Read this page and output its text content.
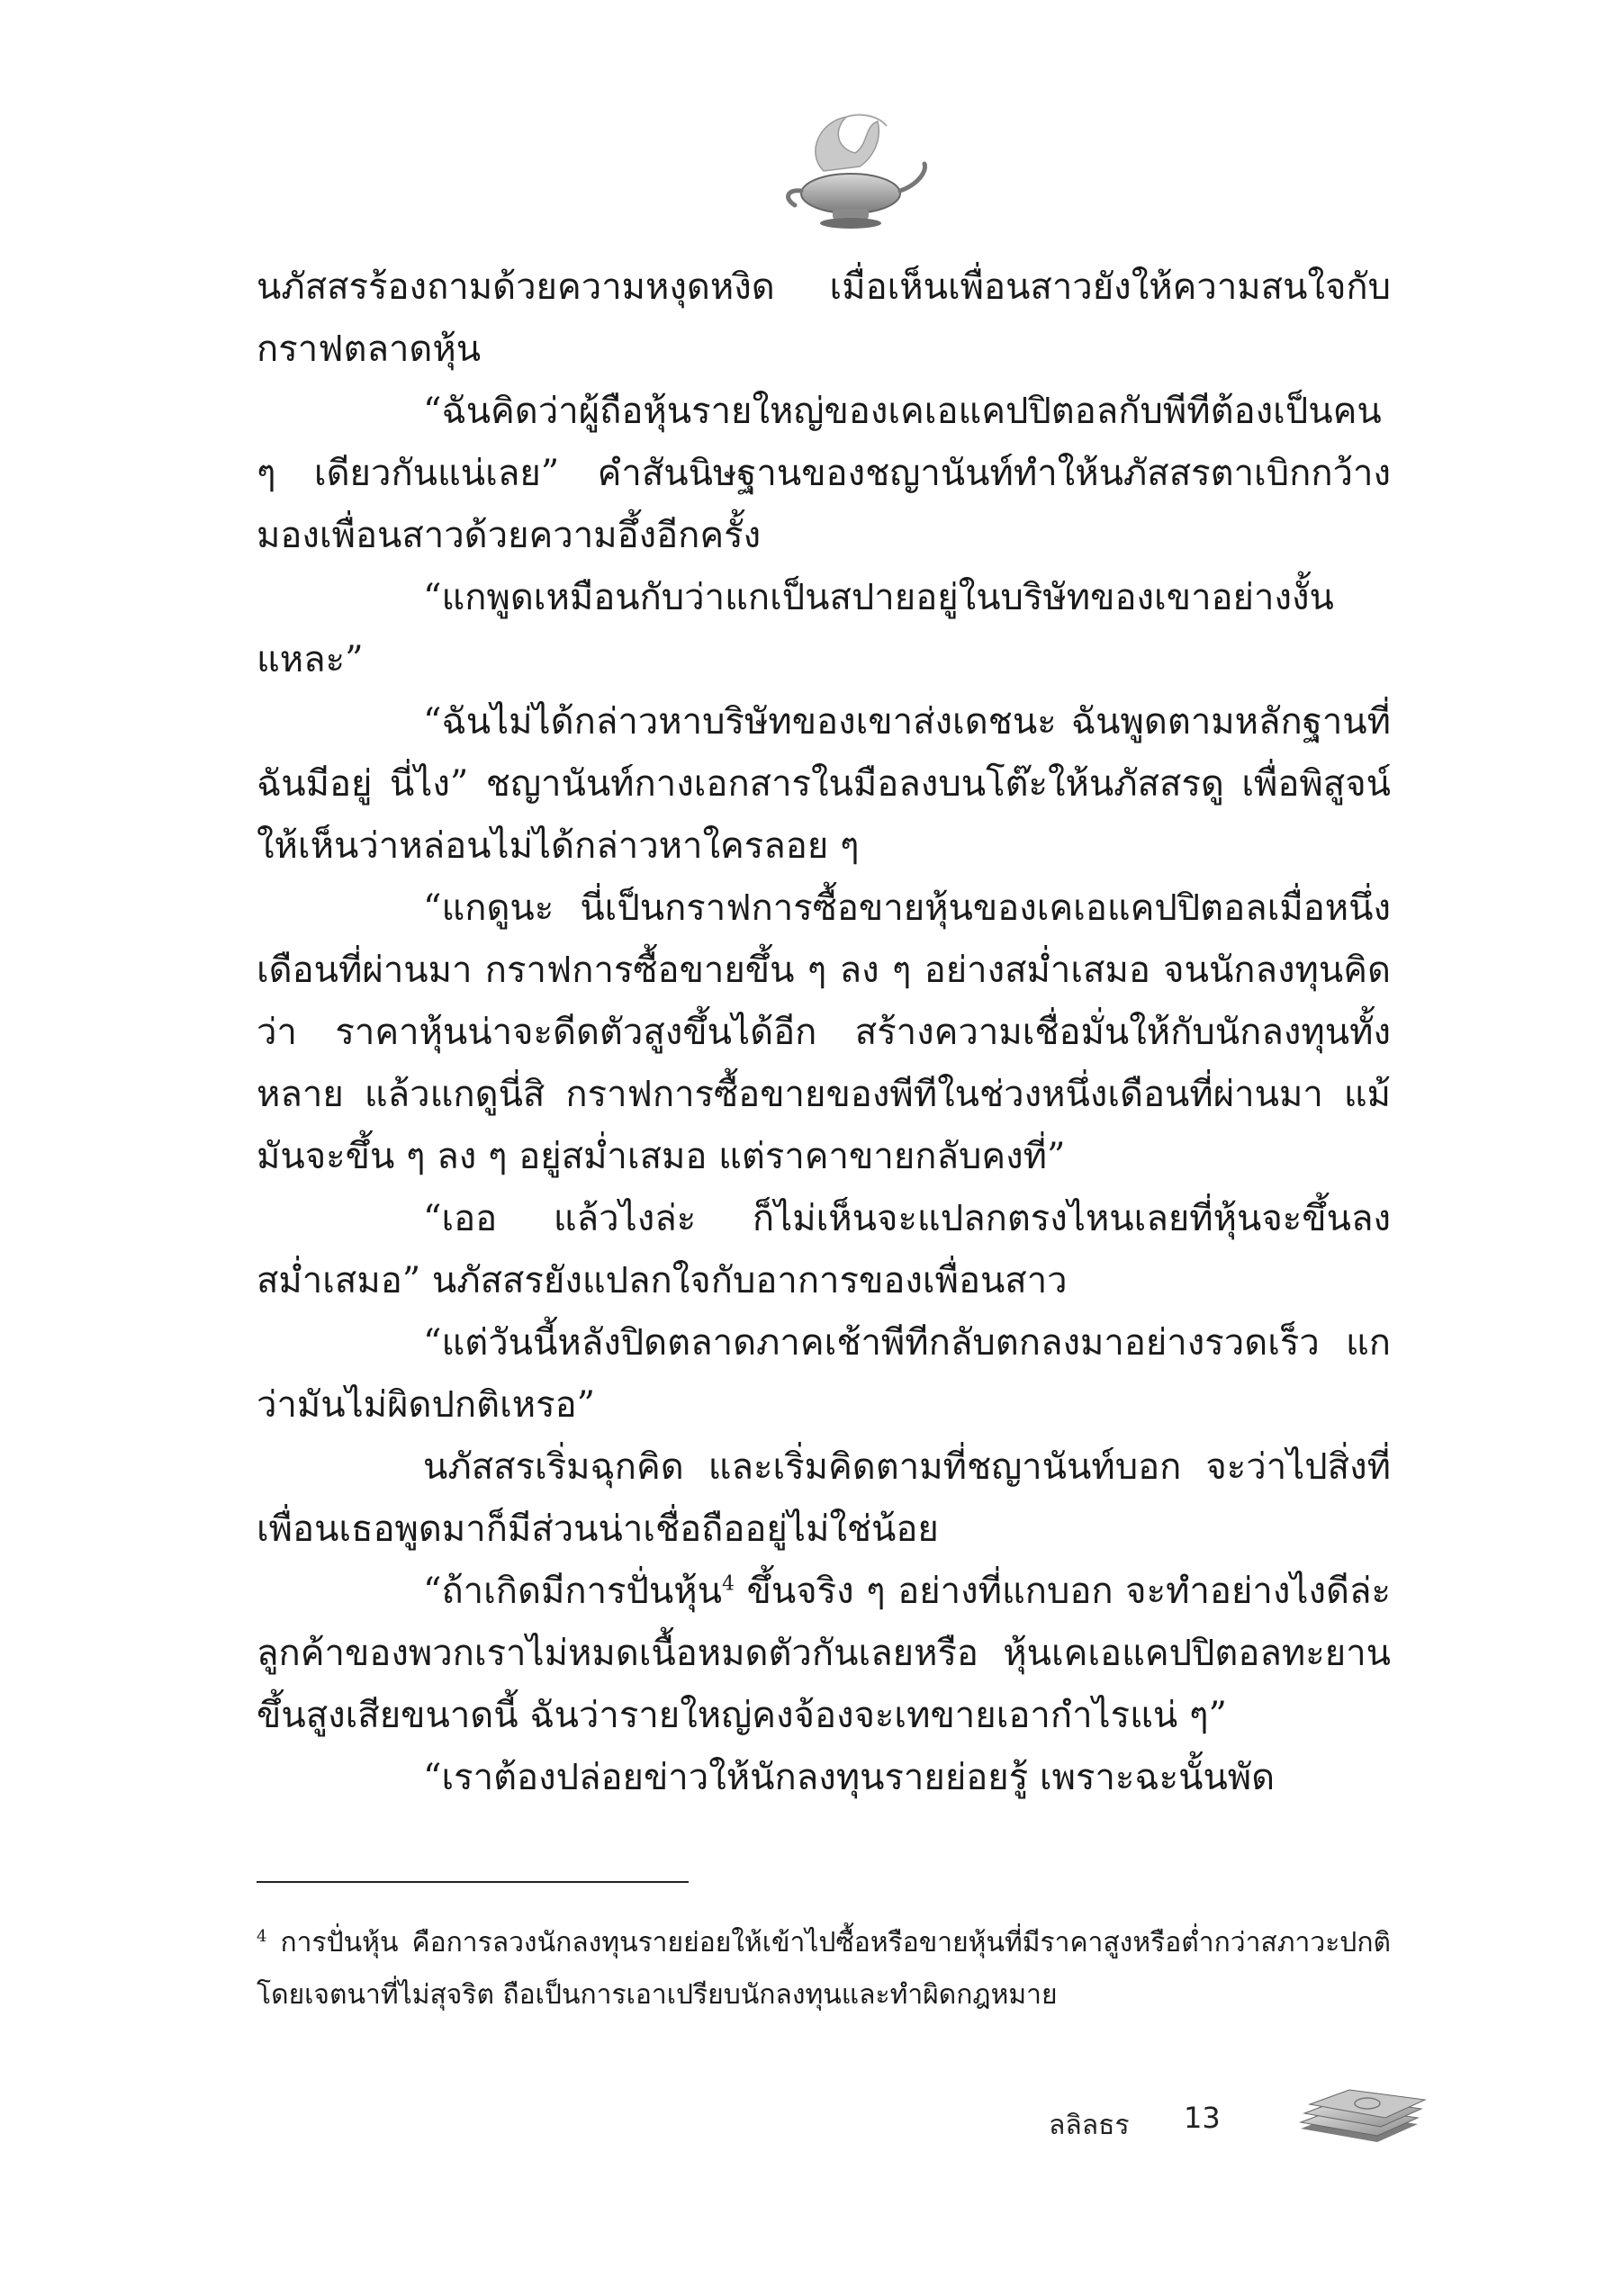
นภัสสรร้องถามด้วยความหงุดหงิด เมื่อเห็นเพื่อนสาวยังให้ความสนใจกับกราฟตลาดหุ้น

“ฉันคิดว่าผู้ถือหุ้นรายใหญ่ของเคเอแคปปิตอลกับพีทีต้องเป็นคน ๆ เดียวกันแน่เลย” คำสันนิษฐานของชญานันท์ทำให้นภัสสรตาเบิกกว้าง มองเพื่อนสาวด้วยความอึ้งอีกครั้ง

“แกพูดเหมือนกับว่าแกเป็นสปายอยู่ในบริษัทของเขาอย่างงั้นแหละ”

“ฉันไม่ได้กล่าวหาบริษัทของเขาส่งเดชนะ ฉันพูดตามหลักฐานที่ฉันมีอยู่ นี่ไง” ชญานันท์กางเอกสารในมือลงบนโต๊ะให้นภัสสรดู เพื่อพิสูจน์ให้เห็นว่าหล่อนไม่ได้กล่าวหาใครลอย ๆ

“แกดูนะ นี่เป็นกราฟการซื้อขายหุ้นของเคเอแคปปิตอลเมื่อหนึ่งเดือนที่ผ่านมา กราฟการซื้อขายขึ้น ๆ ลง ๆ อย่างสม่ำเสมอ จนนักลงทุนคิดว่า ราคาหุ้นน่าจะดีดตัวสูงขึ้นได้อีก สร้างความเชื่อมั่นให้กับนักลงทุนทั้งหลาย แล้วแกดูนี่สิ กราฟการซื้อขายของพีทีในช่วงหนึ่งเดือนที่ผ่านมา แม้มันจะขึ้น ๆ ลง ๆ อยู่สม่ำเสมอ แต่ราคาขายกลับคงที่”

“เออ แล้วไงล่ะ ก็ไม่เห็นจะแปลกตรงไหนเลยที่หุ้นจะขึ้นลงสม่ำเสมอ” นภัสสรยังแปลกใจกับอาการของเพื่อนสาว

“แต่วันนี้หลังปิดตลาดภาคเช้าพีทีกลับตกลงมาอย่างรวดเร็ว แกว่ามันไม่ผิดปกติเหรอ”

นภัสสรเริ่มฉุกคิด และเริ่มคิดตามที่ชญานันท์บอก จะว่าไปสิ่งที่เพื่อนเธอพูดมาก็มีส่วนน่าเชื่อถืออยู่ไม่ใช่น้อย

“ถ้าเกิดมีการปั่นหุ้น$^4$ ขึ้นจริง ๆ อย่างที่แกบอก จะทำอย่างไงดีล่ะ ลูกค้าของพวกเราไม่หมดเนื้อหมดตัวกันเลยหรือ หุ้นเคเอแคปปิตอลทะยานขึ้นสูงเสียขนาดนี้ ฉันว่ารายใหญ่คงจ้องจะเทขายเอากำไรแน่ ๆ”

“เราต้องปล่อยข่าวให้นักลงทุนรายย่อยรู้ เพราะฉะนั้นพัด

$^4$ การปั่นหุ้น คือการลวงนักลงทุนรายย่อยให้เข้าไปซื้อหรือขายหุ้นที่มีราคาสูงหรือต่ำกว่าสภาวะปกติ โดยเจตนาที่ไม่สุจริต ถือเป็นการเอาเปรียบนักลงทุนและทำผิดกฎหมาย
ลลิลธร 13
